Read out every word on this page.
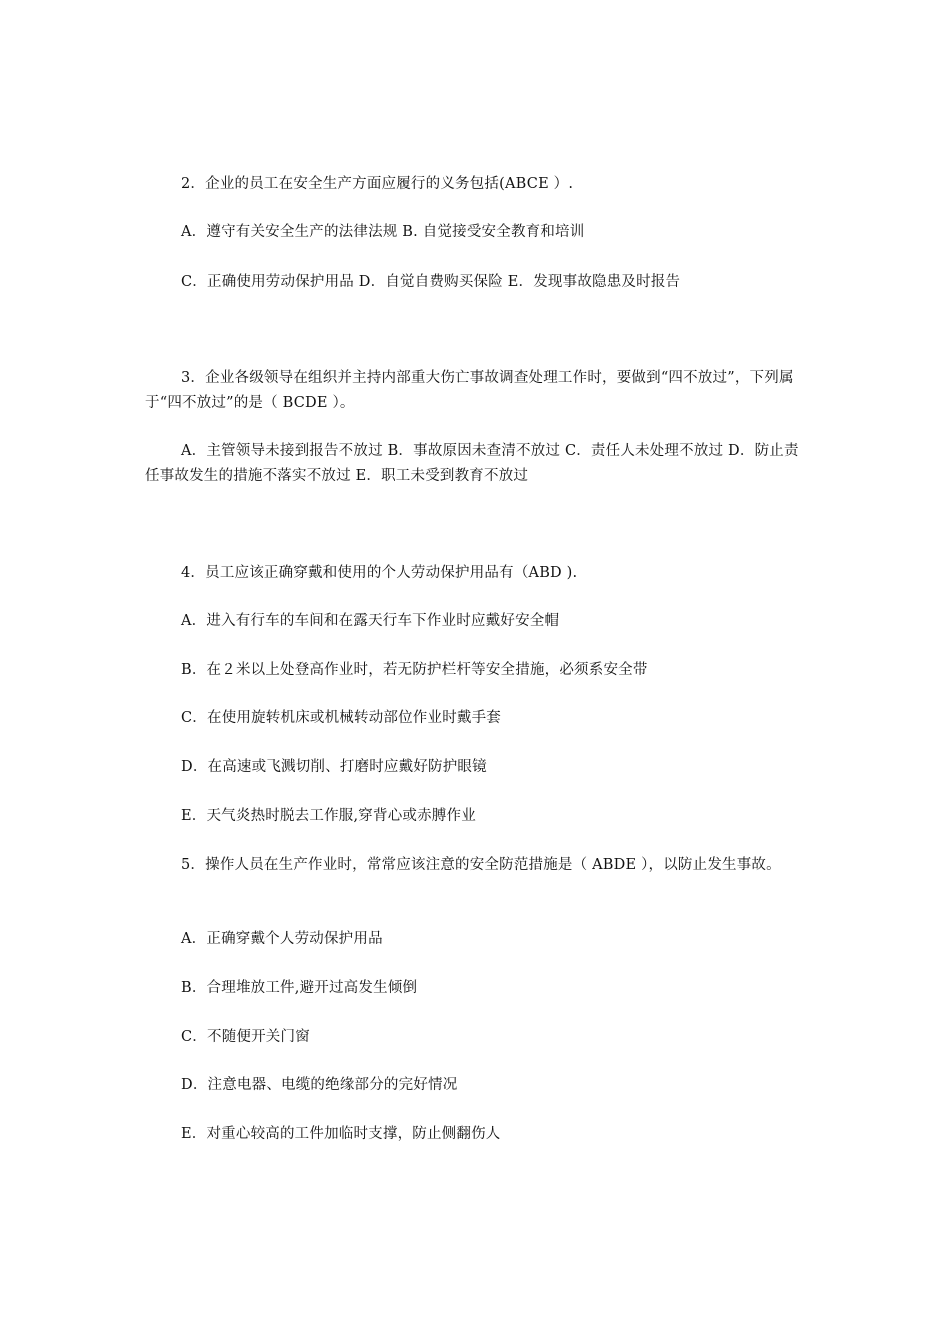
2．企业的员工在安全生产方面应履行的义务包括(ABCE ）.
A．遵守有关安全生产的法律法规 B. 自觉接受安全教育和培训
C．正确使用劳动保护用品 D．自觉自费购买保险 E．发现事故隐患及时报告
3．企业各级领导在组织并主持内部重大伤亡事故调查处理工作时，要做到“四不放过”，下列属于“四不放过”的是（ BCDE ）。
A．主管领导未接到报告不放过 B．事故原因未查清不放过 C．责任人未处理不放过 D．防止责任事故发生的措施不落实不放过 E．职工未受到教育不放过
4．员工应该正确穿戴和使用的个人劳动保护用品有（ABD ).
A．进入有行车的车间和在露天行车下作业时应戴好安全帽
B．在２米以上处登高作业时，若无防护栏杆等安全措施，必须系安全带
C．在使用旋转机床或机械转动部位作业时戴手套
D．在高速或飞溅切削、打磨时应戴好防护眼镜
E．天气炎热时脱去工作服,穿背心或赤膊作业
5．操作人员在生产作业时，常常应该注意的安全防范措施是（ ABDE ），以防止发生事故。
A．正确穿戴个人劳动保护用品
B．合理堆放工件,避开过高发生倾倒
C．不随便开关门窗
D．注意电器、电缆的绝缘部分的完好情况
E．对重心较高的工件加临时支撑，防止侧翻伤人
